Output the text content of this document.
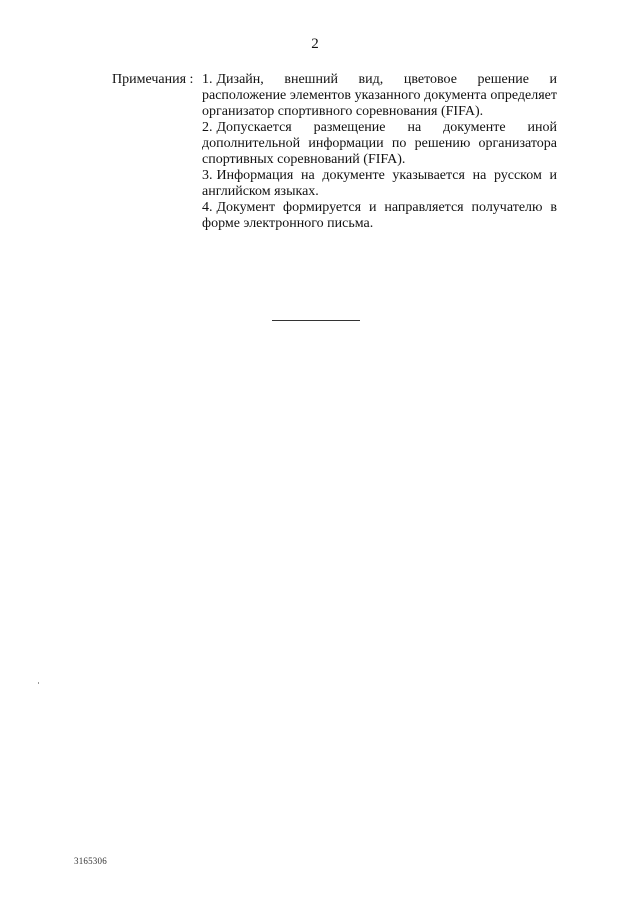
2
Примечания : 1. Дизайн, внешний вид, цветовое решение и расположение элементов указанного документа определяет организатор спортивного соревнования (FIFA).
2. Допускается размещение на документе иной дополнительной информации по решению организатора спортивных соревнований (FIFA).
3. Информация на документе указывается на русском и английском языках.
4. Документ формируется и направляется получателю в форме электронного письма.
3165306
